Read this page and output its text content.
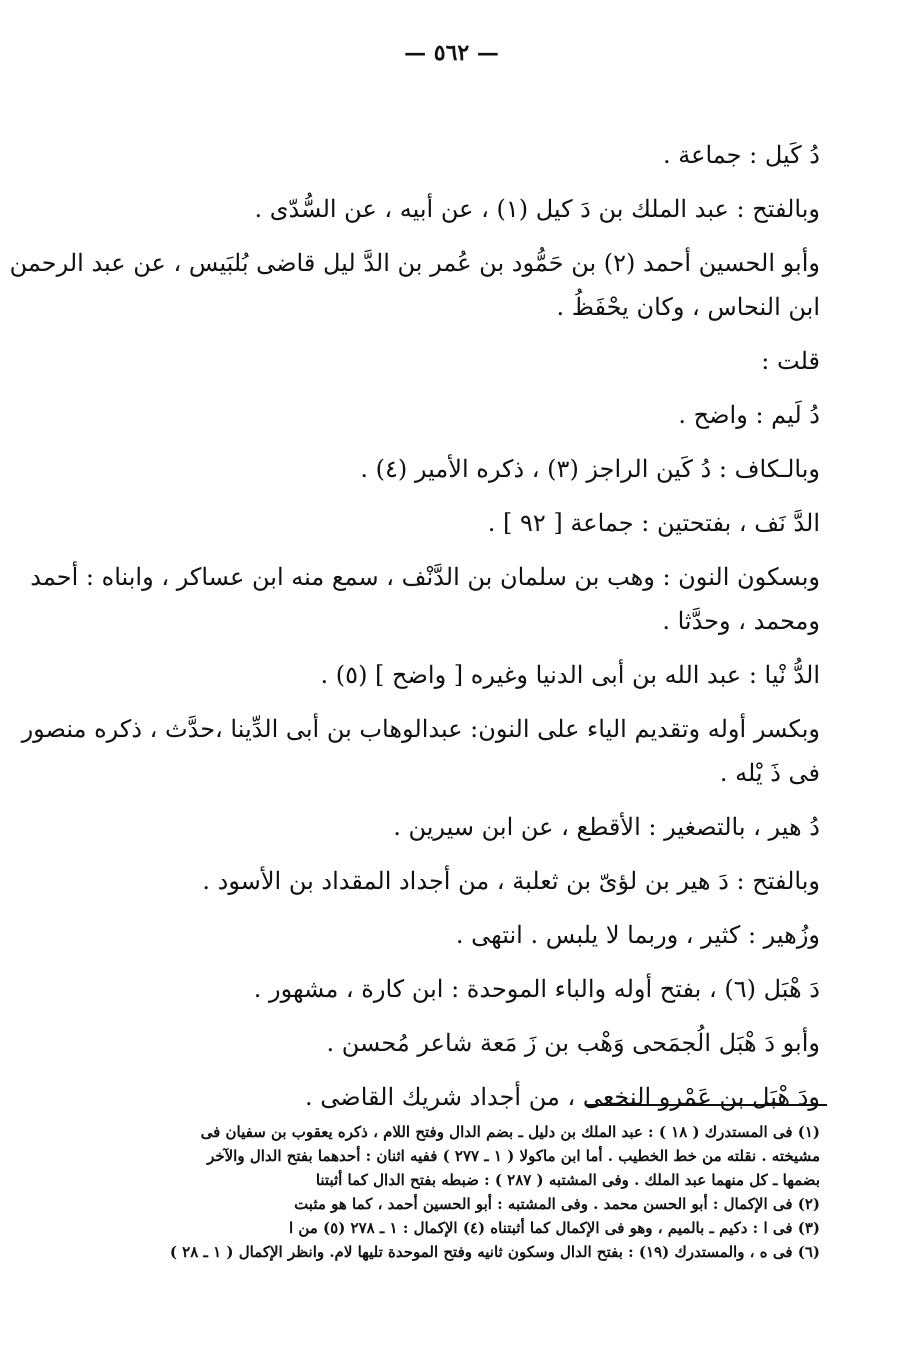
— ٥٦٢ —
دُ كَيل : جماعة .
وبالفتح : عبد الملك بن دَ كيل (١) ، عن أبيه ، عن السُّدّى .
وأبو الحسين أحمد (٢) بن حَمُّود بن عُمر بن الدَّ ليل قاضى بُلبَيس ، عن عبد الرحمن
ابن النحاس ، وكان يحْفَظُ .
قلت :
دُ لَيم : واضح .
وبالـكاف : دُ كَين الراجز (٣) ، ذكره الأمير (٤) .
الدَّ نَف ، بفتحتين : جماعة [ ٩٢ ] .
وبسكون النون : وهب بن سلمان بن الدَّنْف ، سمع منه ابن عساكر ، وابناه : أحمد
ومحمد ، وحدَّثا .
الدُّ نْيا : عبد الله بن أبى الدنيا وغيره [ واضح ] (٥) .
وبكسر أوله وتقديم الياء على النون: عبدالوهاب بن أبى الدِّينا ،حدَّث ، ذكره منصور
فى ذَ يْله .
دُ هير ، بالتصغير : الأقطع ، عن ابن سيرين .
وبالفتح : دَ هير بن لؤىّ بن ثعلبة ، من أجداد المقداد بن الأسود .
وزُهير : كثير ، وربما لا يلبس . انتهى .
دَ هْبَل (٦) ، بفتح أوله والباء الموحدة : ابن كارة ، مشهور .
وأبو دَ هْبَل الُجمَحى وَهْب بن زَ مَعة شاعر مُحسن .
ودَ هْبَل بن عَمْرو النخعى ، من أجداد شريك القاضى .
(١) فى المستدرك ( ١٨ ) : عبد الملك بن دليل ـ بضم الدال وفتح اللام ، ذكره يعقوب بن سفيان فى
مشيخته . نقلته من خط الخطيب . أما ابن ماكولا ( ١ ـ ٢٧٧ ) ففيه اثنان : أحدهما بفتح الدال والآخر
بضمها ـ كل منهما عبد الملك . وفى المشتبه ( ٢٨٧ ) : ضبطه بفتح الدال كما أثبتنا
(٢) فى الإكمال : أبو الحسن محمد . وفى المشتبه : أبو الحسين أحمد ، كما هو مثبت
(٣) فى ا : دكيم ـ بالميم ، وهو فى الإكمال كما أثبتناه (٤) الإكمال : ١ ـ ٢٧٨ (٥) من ا
(٦) فى ه ، والمستدرك (١٩) : بفتح الدال وسكون ثانيه وفتح الموحدة تليها لام. وانظر الإكمال ( ١ ـ ٢٨ )
